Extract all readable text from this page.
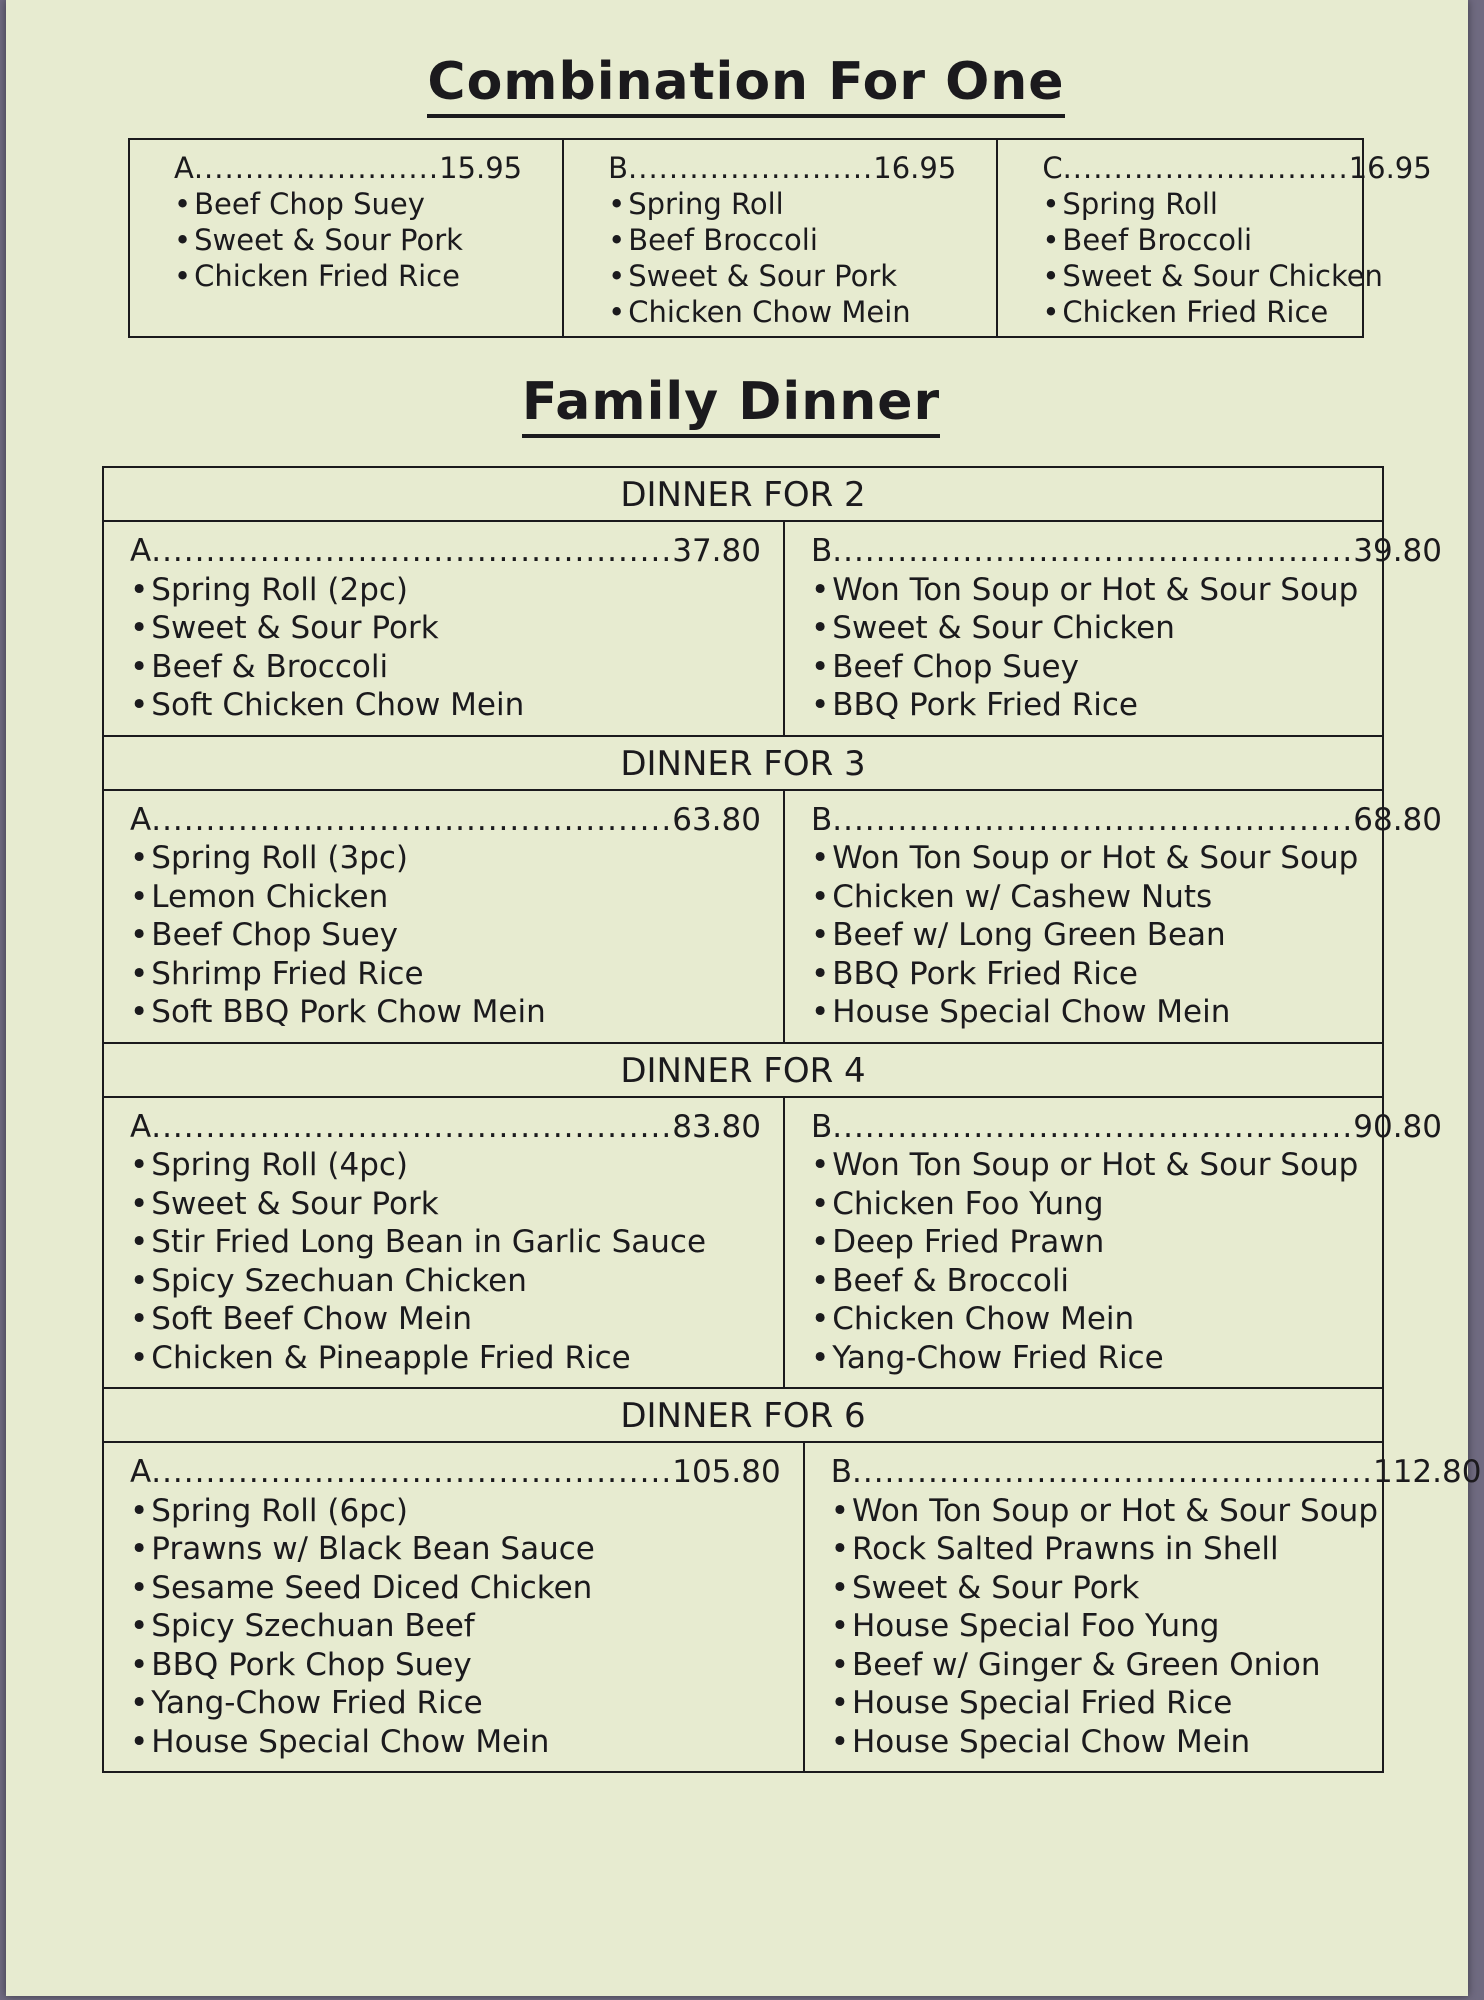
Combination For One
A ........................ 15.95
• Beef Chop Suey
• Sweet & Sour Pork
• Chicken Fried Rice
B ........................ 16.95
• Spring Roll
• Beef Broccoli
• Sweet & Sour Pork
• Chicken Chow Mein
C ............................ 16.95
• Spring Roll
• Beef Broccoli
• Sweet & Sour Chicken
• Chicken Fried Rice
Family Dinner
DINNER FOR 2
A ................................................ 37.80
• Spring Roll (2pc)
• Sweet & Sour Pork
• Beef & Broccoli
• Soft Chicken Chow Mein
B ................................................ 39.80
• Won Ton Soup or Hot & Sour Soup
• Sweet & Sour Chicken
• Beef Chop Suey
• BBQ Pork Fried Rice
DINNER FOR 3
A ................................................ 63.80
• Spring Roll (3pc)
• Lemon Chicken
• Beef Chop Suey
• Shrimp Fried Rice
• Soft BBQ Pork Chow Mein
B ................................................ 68.80
• Won Ton Soup or Hot & Sour Soup
• Chicken w/ Cashew Nuts
• Beef w/ Long Green Bean
• BBQ Pork Fried Rice
• House Special Chow Mein
DINNER FOR 4
A ................................................ 83.80
• Spring Roll (4pc)
• Sweet & Sour Pork
• Stir Fried Long Bean in Garlic Sauce
• Spicy Szechuan Chicken
• Soft Beef Chow Mein
• Chicken & Pineapple Fried Rice
B ................................................ 90.80
• Won Ton Soup or Hot & Sour Soup
• Chicken Foo Yung
• Deep Fried Prawn
• Beef & Broccoli
• Chicken Chow Mein
• Yang-Chow Fried Rice
DINNER FOR 6
A ................................................ 105.80
• Spring Roll (6pc)
• Prawns w/ Black Bean Sauce
• Sesame Seed Diced Chicken
• Spicy Szechuan Beef
• BBQ Pork Chop Suey
• Yang-Chow Fried Rice
• House Special Chow Mein
B ................................................ 112.80
• Won Ton Soup or Hot & Sour Soup
• Rock Salted Prawns in Shell
• Sweet & Sour Pork
• House Special Foo Yung
• Beef w/ Ginger & Green Onion
• House Special Fried Rice
• House Special Chow Mein
